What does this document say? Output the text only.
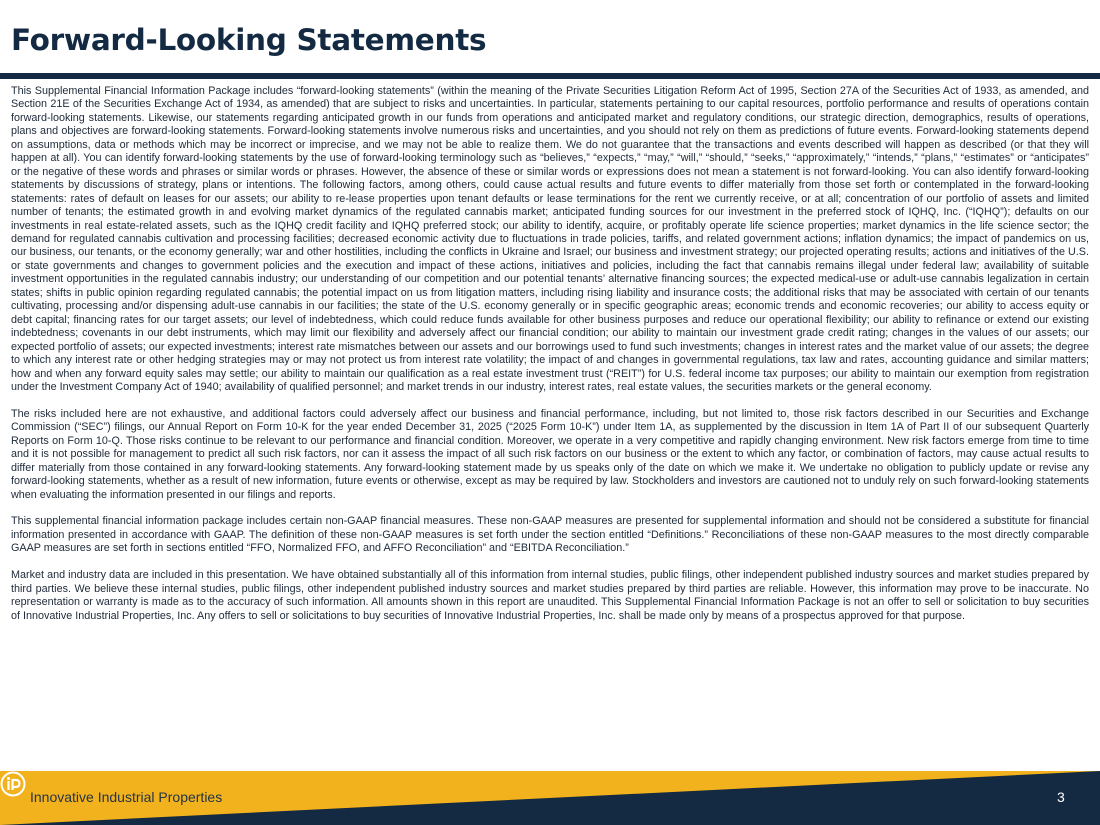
Forward-Looking Statements

This Supplemental Financial Information Package includes “forward-looking statements” (within the meaning of the Private Securities Litigation Reform Act of 1995, Section 27A of the Securities Act of 1933, as amended, and Section 21E of the Securities Exchange Act of 1934, as amended) that are subject to risks and uncertainties. In particular, statements pertaining to our capital resources, portfolio performance and results of operations contain forward-looking statements. Likewise, our statements regarding anticipated growth in our funds from operations and anticipated market and regulatory conditions, our strategic direction, demographics, results of operations, plans and objectives are forward-looking statements. Forward-looking statements involve numerous risks and uncertainties, and you should not rely on them as predictions of future events. Forward-looking statements depend on assumptions, data or methods which may be incorrect or imprecise, and we may not be able to realize them. We do not guarantee that the transactions and events described will happen as described (or that they will happen at all). You can identify forward-looking statements by the use of forward-looking terminology such as “believes,” “expects,” “may,” “will,” “should,” “seeks,” “approximately,” “intends,” “plans,” “estimates” or “anticipates” or the negative of these words and phrases or similar words or phrases. However, the absence of these or similar words or expressions does not mean a statement is not forward-looking. You can also identify forward-looking statements by discussions of strategy, plans or intentions. The following factors, among others, could cause actual results and future events to differ materially from those set forth or contemplated in the forward-looking statements: rates of default on leases for our assets; our ability to re-lease properties upon tenant defaults or lease terminations for the rent we currently receive, or at all; concentration of our portfolio of assets and limited number of tenants; the estimated growth in and evolving market dynamics of the regulated cannabis market; anticipated funding sources for our investment in the preferred stock of IQHQ, Inc. (“IQHQ”); defaults on our investments in real estate-related assets, such as the IQHQ credit facility and IQHQ preferred stock; our ability to identify, acquire, or profitably operate life science properties; market dynamics in the life science sector; the demand for regulated cannabis cultivation and processing facilities; decreased economic activity due to fluctuations in trade policies, tariffs, and related government actions; inflation dynamics; the impact of pandemics on us, our business, our tenants, or the economy generally; war and other hostilities, including the conflicts in Ukraine and Israel; our business and investment strategy; our projected operating results; actions and initiatives of the U.S. or state governments and changes to government policies and the execution and impact of these actions, initiatives and policies, including the fact that cannabis remains illegal under federal law; availability of suitable investment opportunities in the regulated cannabis industry; our understanding of our competition and our potential tenants’ alternative financing sources; the expected medical-use or adult-use cannabis legalization in certain states; shifts in public opinion regarding regulated cannabis; the potential impact on us from litigation matters, including rising liability and insurance costs; the additional risks that may be associated with certain of our tenants cultivating, processing and/or dispensing adult-use cannabis in our facilities; the state of the U.S. economy generally or in specific geographic areas; economic trends and economic recoveries; our ability to access equity or debt capital; financing rates for our target assets; our level of indebtedness, which could reduce funds available for other business purposes and reduce our operational flexibility; our ability to refinance or extend our existing indebtedness; covenants in our debt instruments, which may limit our flexibility and adversely affect our financial condition; our ability to maintain our investment grade credit rating; changes in the values of our assets; our expected portfolio of assets; our expected investments; interest rate mismatches between our assets and our borrowings used to fund such investments; changes in interest rates and the market value of our assets; the degree to which any interest rate or other hedging strategies may or may not protect us from interest rate volatility; the impact of and changes in governmental regulations, tax law and rates, accounting guidance and similar matters; how and when any forward equity sales may settle; our ability to maintain our qualification as a real estate investment trust (“REIT”) for U.S. federal income tax purposes; our ability to maintain our exemption from registration under the Investment Company Act of 1940; availability of qualified personnel; and market trends in our industry, interest rates, real estate values, the securities markets or the general economy.

The risks included here are not exhaustive, and additional factors could adversely affect our business and financial performance, including, but not limited to, those risk factors described in our Securities and Exchange Commission (“SEC”) filings, our Annual Report on Form 10-K for the year ended December 31, 2025 (“2025 Form 10-K”) under Item 1A, as supplemented by the discussion in Item 1A of Part II of our subsequent Quarterly Reports on Form 10-Q. Those risks continue to be relevant to our performance and financial condition. Moreover, we operate in a very competitive and rapidly changing environment. New risk factors emerge from time to time and it is not possible for management to predict all such risk factors, nor can it assess the impact of all such risk factors on our business or the extent to which any factor, or combination of factors, may cause actual results to differ materially from those contained in any forward-looking statements. Any forward-looking statement made by us speaks only of the date on which we make it. We undertake no obligation to publicly update or revise any forward-looking statements, whether as a result of new information, future events or otherwise, except as may be required by law. Stockholders and investors are cautioned not to unduly rely on such forward-looking statements when evaluating the information presented in our filings and reports.

This supplemental financial information package includes certain non-GAAP financial measures. These non-GAAP measures are presented for supplemental information and should not be considered a substitute for financial information presented in accordance with GAAP. The definition of these non-GAAP measures is set forth under the section entitled “Definitions.” Reconciliations of these non-GAAP measures to the most directly comparable GAAP measures are set forth in sections entitled “FFO, Normalized FFO, and AFFO Reconciliation” and “EBITDA Reconciliation.”

Market and industry data are included in this presentation. We have obtained substantially all of this information from internal studies, public filings, other independent published industry sources and market studies prepared by third parties. We believe these internal studies, public filings, other independent published industry sources and market studies prepared by third parties are reliable. However, this information may prove to be inaccurate. No representation or warranty is made as to the accuracy of such information. All amounts shown in this report are unaudited. This Supplemental Financial Information Package is not an offer to sell or solicitation to buy securities of Innovative Industrial Properties, Inc. Any offers to sell or solicitations to buy securities of Innovative Industrial Properties, Inc. shall be made only by means of a prospectus approved for that purpose.

Innovative Industrial Properties	3
